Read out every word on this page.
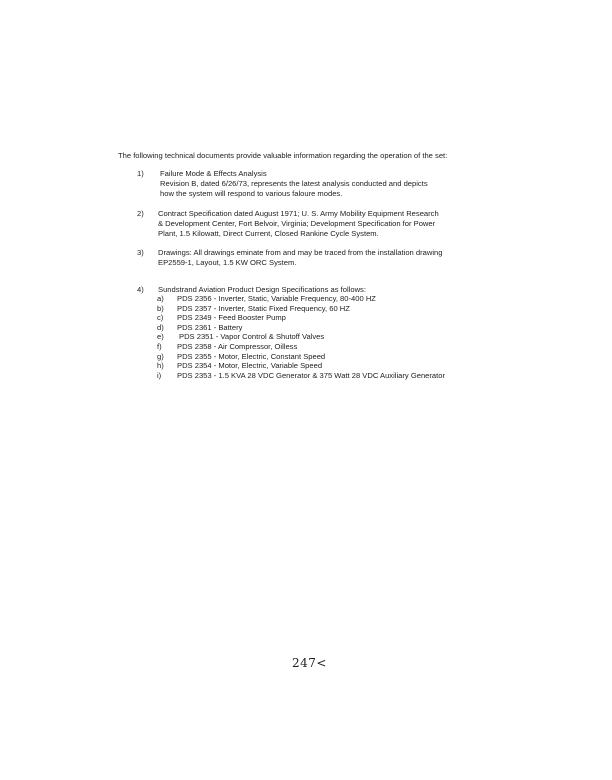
The following technical documents provide valuable information regarding the operation of the set:
1) Failure Mode & Effects Analysis
Revision B, dated 6/26/73, represents the latest analysis conducted and depicts
how the system will respond to various faloure modes.
2) Contract Specification dated August 1971; U. S. Army Mobility Equipment Research
& Development Center, Fort Belvoir, Virginia; Development Specification for Power
Plant, 1.5 Kilowatt, Direct Current, Closed Rankine Cycle System.
3) Drawings: All drawings eminate from and may be traced from the installation drawing
EP2559-1, Layout, 1.5 KW ORC System.
4) Sundstrand Aviation Product Design Specifications as follows:
a) PDS 2356 - Inverter, Static, Variable Frequency, 80-400 HZ
b) PDS 2357 - Inverter, Static Fixed Frequency, 60 HZ
c) PDS 2349 - Feed Booster Pump
d) PDS 2361 - Battery
e) PDS 2351 - Vapor Control & Shutoff Valves
f) PDS 2358 - Air Compressor, Oilless
g) PDS 2355 - Motor, Electric, Constant Speed
h) PDS 2354 - Motor, Electric, Variable Speed
i) PDS 2353 - 1.5 KVA 28 VDC Generator & 375 Watt 28 VDC Auxiliary Generator
247<
